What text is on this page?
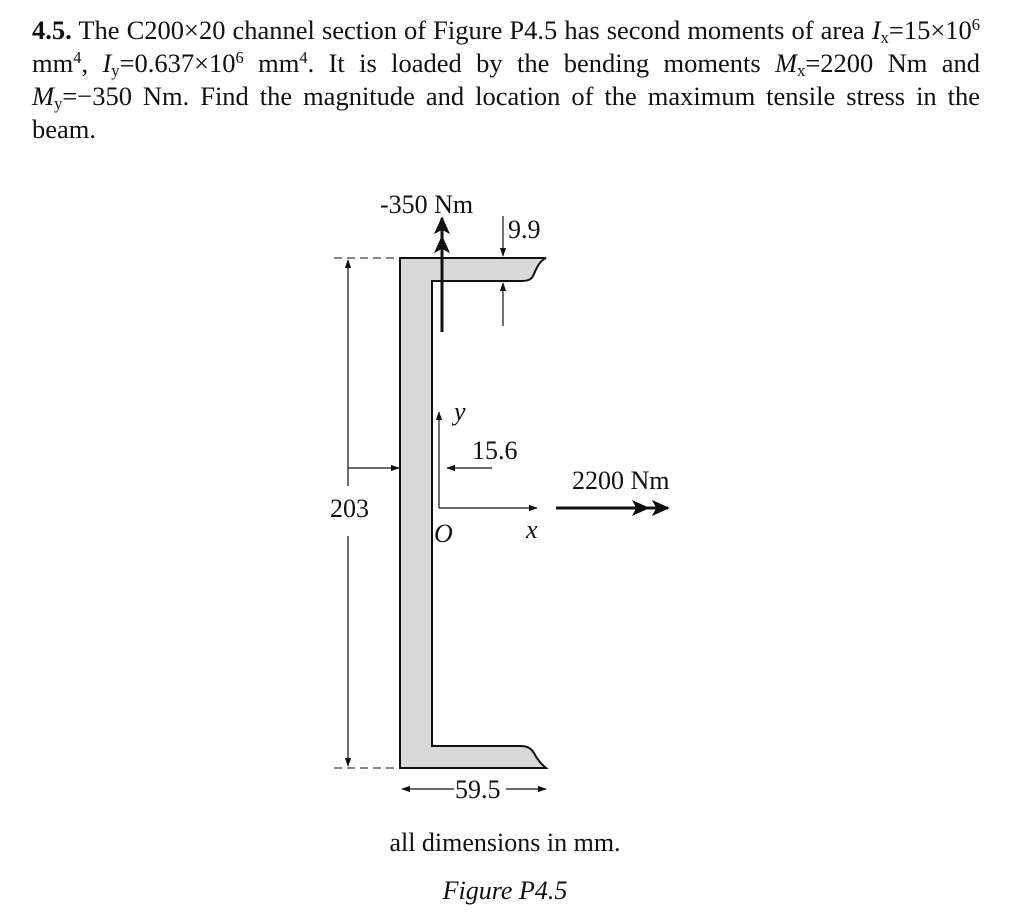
4.5. The C200×20 channel section of Figure P4.5 has second moments of area $I_x=15\times 10^6$ $mm^4$, $I_y=0.637\times 10^6$ $mm^4$. It is loaded by the bending moments $M_x=2200$ Nm and $M_y=-350$ Nm. Find the magnitude and location of the maximum tensile stress in the beam.
203
15.6
9.9
59.5
-350 Nm
2200 Nm
y
x
O
all dimensions in mm.
Figure P4.5
